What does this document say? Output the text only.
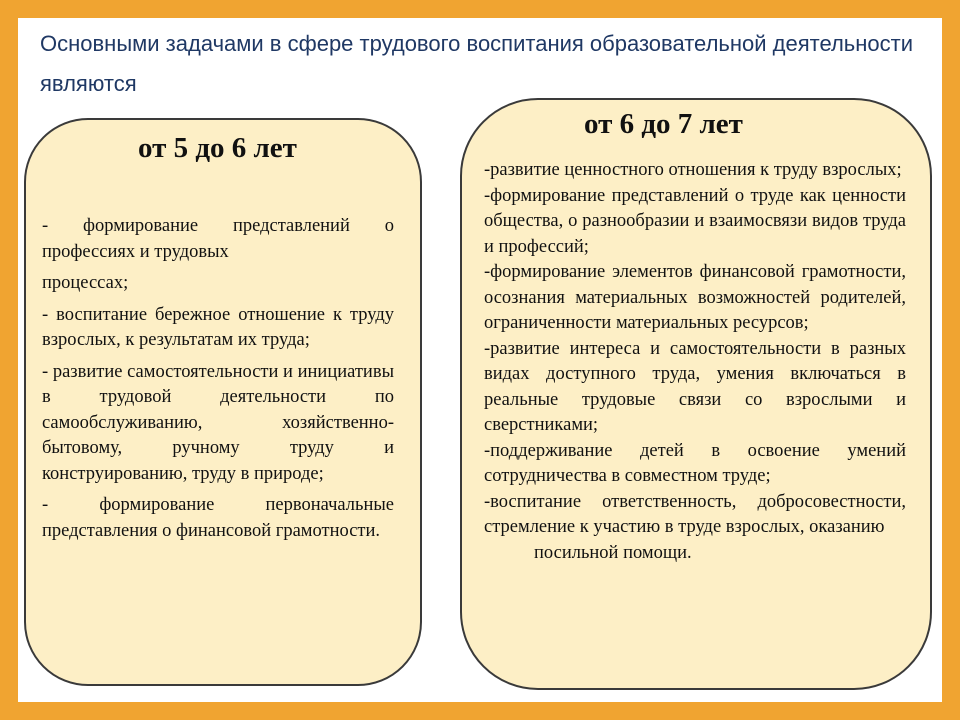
Основными задачами в сфере трудового воспитания образовательной деятельности являются
от 5 до 6 лет
- формирование представлений о профессиях и трудовых
процессах;
- воспитание бережное отношение к труду взрослых, к результатам их труда;
- развитие самостоятельности и инициативы в трудовой деятельности по самообслуживанию, хозяйственно-бытовому, ручному труду и конструированию, труду в природе;
- формирование первоначальные представления о финансовой грамотности.
от 6 до 7 лет
-развитие ценностного отношения к труду взрослых;
-формирование представлений о труде как ценности общества, о разнообразии и взаимосвязи видов труда и профессий;
-формирование элементов финансовой грамотности, осознания материальных возможностей родителей, ограниченности материальных ресурсов;
-развитие интереса и самостоятельности в разных видах доступного труда, умения включаться в реальные трудовые связи со взрослыми и сверстниками;
-поддерживание детей в освоение умений сотрудничества в совместном труде;
-воспитание ответственность, добросовестности, стремление к участию в труде взрослых, оказанию
посильной помощи.
